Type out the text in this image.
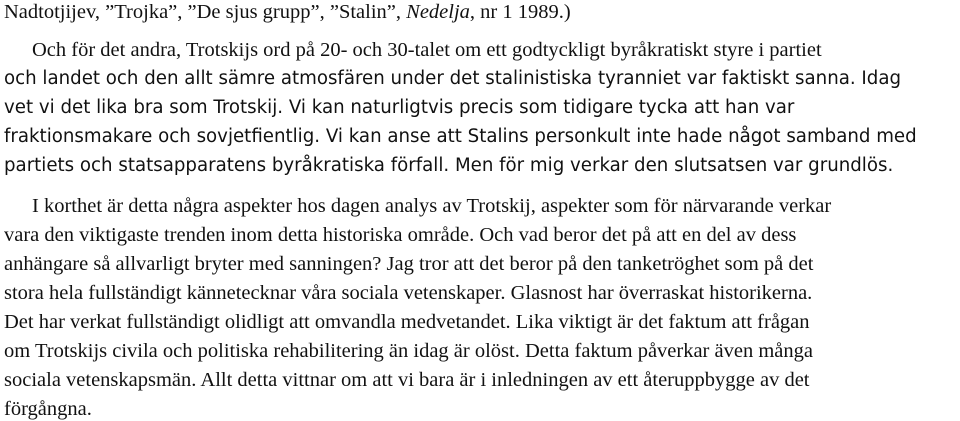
Nadtotjijev, ”Trojka”, ”De sjus grupp”, ”Stalin”, Nedelja, nr 1 1989.)
Och för det andra, Trotskijs ord på 20- och 30-talet om ett godtyckligt byråkratiskt styre i partiet
och landet och den allt sämre atmosfären under det stalinistiska tyranniet var faktiskt sanna. Idag
vet vi det lika bra som Trotskij. Vi kan naturligtvis precis som tidigare tycka att han var
fraktionsmakare och sovjetfientlig. Vi kan anse att Stalins personkult inte hade något samband med
partiets och statsapparatens byråkratiska förfall. Men för mig verkar den slutsatsen var grundlös.
I korthet är detta några aspekter hos dagen analys av Trotskij, aspekter som för närvarande verkar
vara den viktigaste trenden inom detta historiska område. Och vad beror det på att en del av dess
anhängare så allvarligt bryter med sanningen? Jag tror att det beror på den tanketröghet som på det
stora hela fullständigt kännetecknar våra sociala vetenskaper. Glasnost har överraskat historikerna.
Det har verkat fullständigt olidligt att omvandla medvetandet. Lika viktigt är det faktum att frågan
om Trotskijs civila och politiska rehabilitering än idag är olöst. Detta faktum påverkar även många
sociala vetenskapsmän. Allt detta vittnar om att vi bara är i inledningen av ett återuppbygge av det
förgångna.
